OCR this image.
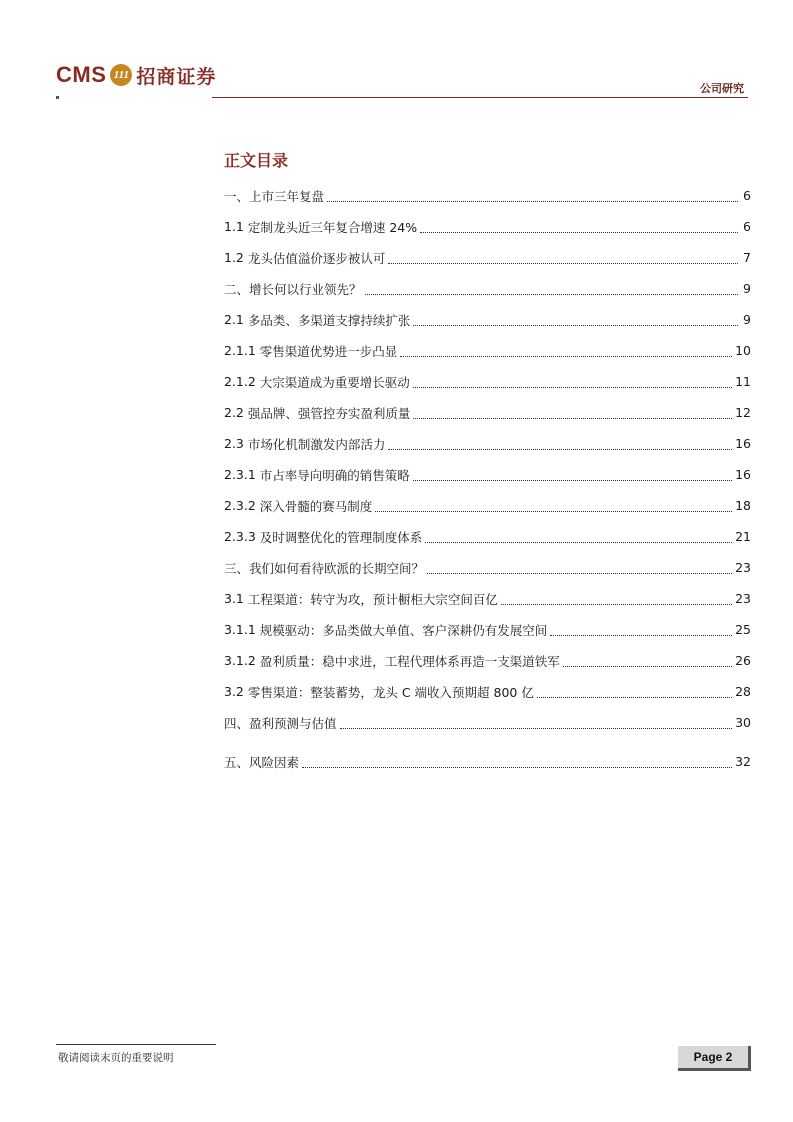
CMS 111 招商证券
公司研究
正文目录
一、 上市三年复盘	6
1.1 定制龙头近三年复合增速 24%	6
1.2 龙头估值溢价逐步被认可	7
二、 增长何以行业领先？	9
2.1 多品类、多渠道支撑持续扩张	9
2.1.1 零售渠道优势进一步凸显	10
2.1.2 大宗渠道成为重要增长驱动	11
2.2 强品牌、强管控夯实盈利质量	12
2.3 市场化机制激发内部活力	16
2.3.1 市占率导向明确的销售策略	16
2.3.2 深入骨髓的赛马制度	18
2.3.3 及时调整优化的管理制度体系	21
三、 我们如何看待欧派的长期空间？	23
3.1 工程渠道：转守为攻，预计橱柜大宗空间百亿	23
3.1.1 规模驱动：多品类做大单值、客户深耕仍有发展空间	25
3.1.2 盈利质量：稳中求进，工程代理体系再造一支渠道铁军	26
3.2 零售渠道：整装蓄势，龙头 C 端收入预期超 800 亿	28
四、 盈利预测与估值	30
五、 风险因素	32
敬请阅读末页的重要说明	Page 2
